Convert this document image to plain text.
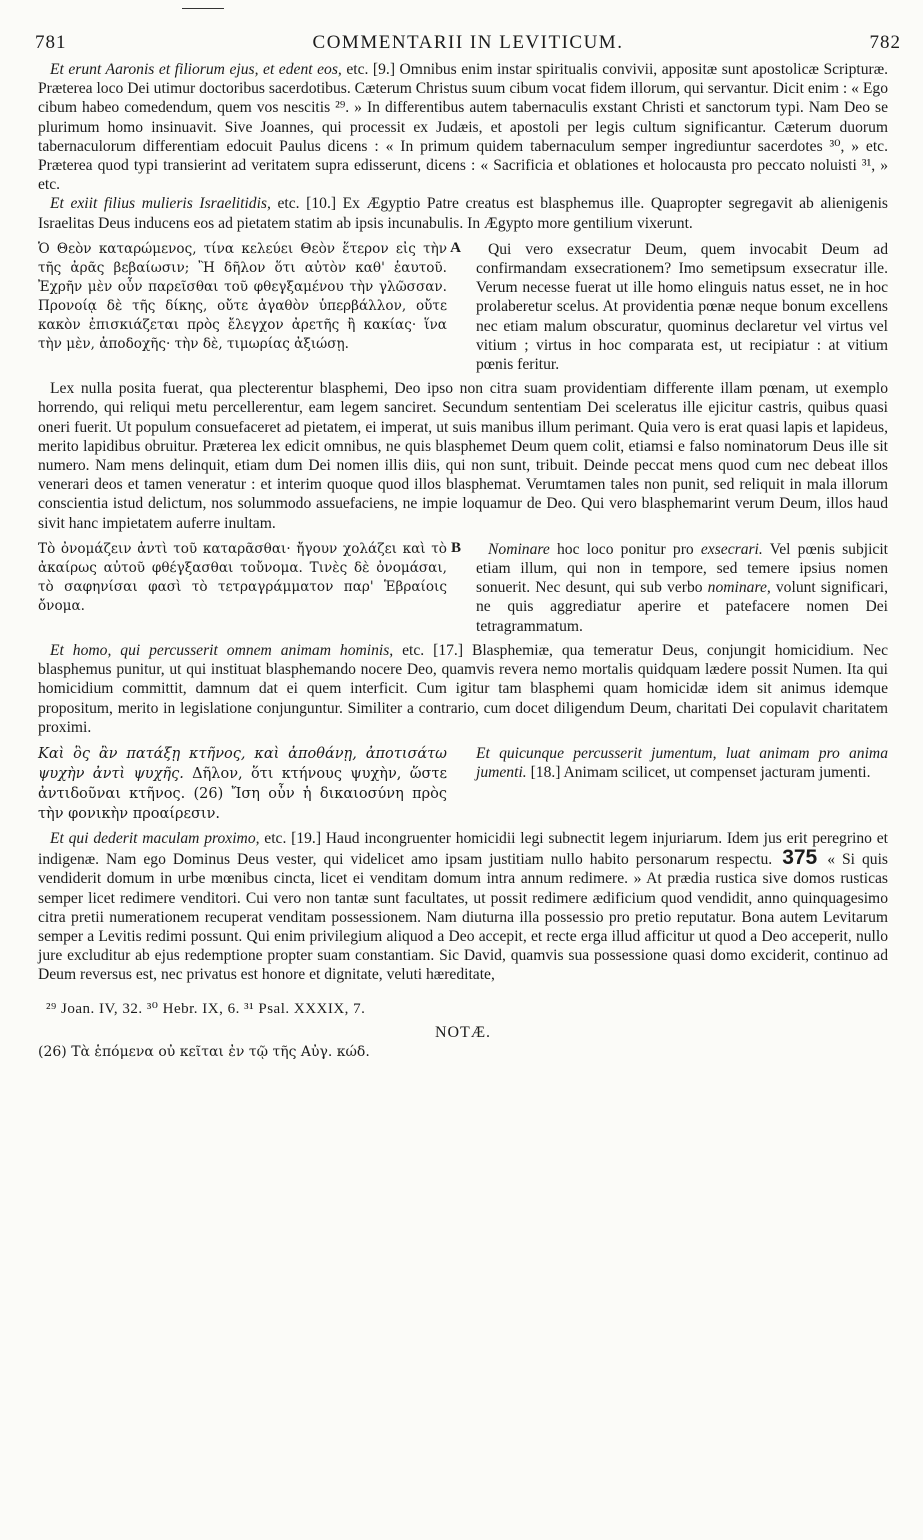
781	COMMENTARII IN LEVITICUM.	782

Et erunt Aaronis et filiorum ejus, et edent eos, etc. [9.] Omnibus enim instar spiritualis convivii, appositæ sunt apostolicæ Scripturæ. Præterea loco Dei utimur doctoribus sacerdotibus. Cæterum Christus suum cibum vocat fidem illorum, qui servantur. Dicit enim : « Ego cibum habeo comedendum, quem vos nescitis ²⁹. » In differentibus autem tabernaculis exstant Christi et sanctorum typi. Nam Deo se plurimum homo insinuavit. Sive Joannes, qui processit ex Judæis, et apostoli per legis cultum significantur. Cæterum duorum tabernaculorum differentiam edocuit Paulus dicens : « In primum quidem tabernaculum semper ingrediuntur sacerdotes ³⁰, » etc. Præterea quod typi transierint ad veritatem supra edisserunt, dicens : « Sacrificia et oblationes et holocausta pro peccato noluisti ³¹, » etc.

Et exiit filius mulieris Israelitidis, etc. [10.] Ex Ægyptio Patre creatus est blasphemus ille. Quapropter segregavit ab alienigenis Israelitas Deus inducens eos ad pietatem statim ab ipsis incunabulis. In Ægypto more gentilium vixerunt.

A

Ὁ Θεὸν καταρώμενος, τίνα κελεύει Θεὸν ἕτερον εἰς τὴν τῆς ἀρᾶς βεβαίωσιν; Ἢ δῆλον ὅτι αὐτὸν καθ' ἑαυτοῦ. Ἐχρῆν μὲν οὖν παρεῖσθαι τοῦ φθεγξαμένου τὴν γλῶσσαν. Προνοίᾳ δὲ τῆς δίκης, οὔτε ἀγαθὸν ὑπερβάλλον, οὔτε κακὸν ἐπισκιάζεται πρὸς ἔλεγχον ἀρετῆς ἢ κακίας· ἵνα τὴν μὲν, ἀποδοχῆς· τὴν δὲ, τιμωρίας ἀξιώσῃ.

Qui vero exsecratur Deum, quem invocabit Deum ad confirmandam exsecrationem? Imo semetipsum exsecratur ille. Verum necesse fuerat ut ille homo elinguis natus esset, ne in hoc prolaberetur scelus. At providentia pœnæ neque bonum excellens nec etiam malum obscuratur, quominus declaretur vel virtus vel vitium ; virtus in hoc comparata est, ut recipiatur : at vitium pœnis feritur.

Lex nulla posita fuerat, qua plecterentur blasphemi, Deo ipso non citra suam providentiam differente illam pœnam, ut exemplo horrendo, qui reliqui metu percellerentur, eam legem sanciret. Secundum sententiam Dei sceleratus ille ejicitur castris, quibus quasi oneri fuerit. Ut populum consuefaceret ad pietatem, ei imperat, ut suis manibus illum perimant. Quia vero is erat quasi lapis et lapideus, merito lapidibus obruitur. Præterea lex edicit omnibus, ne quis blasphemet Deum quem colit, etiamsi e falso nominatorum Deus ille sit numero. Nam mens delinquit, etiam dum Dei nomen illis diis, qui non sunt, tribuit. Deinde peccat mens quod cum nec debeat illos venerari deos et tamen veneratur : et interim quoque quod illos blasphemat. Verumtamen tales non punit, sed reliquit in mala illorum conscientia istud delictum, nos solummodo assuefaciens, ne impie loquamur de Deo. Qui vero blasphemarint verum Deum, illos haud sivit hanc impietatem auferre inultam.

B

Τὸ ὀνομάζειν ἀντὶ τοῦ καταρᾶσθαι· ἤγουν χολάζει καὶ τὸ ἀκαίρως αὐτοῦ φθέγξασθαι τοὔνομα. Τινὲς δὲ ὀνομάσαι, τὸ σαφηνίσαι φασὶ τὸ τετραγράμματον παρ' Ἑβραίοις ὄνομα.

Nominare hoc loco ponitur pro exsecrari. Vel pœnis subjicit etiam illum, qui non in tempore, sed temere ipsius nomen sonuerit. Nec desunt, qui sub verbo nominare, volunt significari, ne quis aggrediatur aperire et patefacere nomen Dei tetragrammatum.

Et homo, qui percusserit omnem animam hominis, etc. [17.] Blasphemiæ, qua temeratur Deus, conjungit homicidium. Nec blasphemus punitur, ut qui instituat blasphemando nocere Deo, quamvis revera nemo mortalis quidquam lædere possit Numen. Ita qui homicidium committit, damnum dat ei quem interficit. Cum igitur tam blasphemi quam homicidæ idem sit animus idemque propositum, merito in legislatione conjunguntur. Similiter a contrario, cum docet diligendum Deum, charitati Dei copulavit charitatem proximi.

Καὶ ὃς ἂν πατάξῃ κτῆνος, καὶ ἀποθάνῃ, ἀποτισάτω ψυχὴν ἀντὶ ψυχῆς. Δῆλον, ὅτι κτήνους ψυχὴν, ὥστε ἀντιδοῦναι κτῆνος. (26) Ἴση οὖν ἡ δικαιοσύνη πρὸς τὴν φονικὴν προαίρεσιν.

Et quicunque percusserit jumentum, luat animam pro anima jumenti. [18.] Animam scilicet, ut compenset jacturam jumenti.

Et qui dederit maculam proximo, etc. [19.] Haud incongruenter homicidii legi subnectit legem injuriarum. Idem jus erit peregrino et indigenæ. Nam ego Dominus Deus vester, qui videlicet amo ipsam justitiam nullo habito personarum respectu. 375 « Si quis vendiderit domum in urbe mœnibus cincta, licet ei venditam domum intra annum redimere. » At prædia rustica sive domos rusticas semper licet redimere venditori. Cui vero non tantæ sunt facultates, ut possit redimere ædificium quod vendidit, anno quinquagesimo citra pretii numerationem recuperat venditam possessionem. Nam diuturna illa possessio pro pretio reputatur. Bona autem Levitarum semper a Levitis redimi possunt. Qui enim privilegium aliquod a Deo accepit, et recte erga illud afficitur ut quod a Deo acceperit, nullo jure excluditur ab ejus redemptione propter suam constantiam. Sic David, quamvis sua possessione quasi domo exciderit, continuo ad Deum reversus est, nec privatus est honore et dignitate, veluti hæreditate,

²⁹ Joan. IV, 32. ³⁰ Hebr. IX, 6. ³¹ Psal. XXXIX, 7.
NOTÆ.
(26) Τὰ ἑπόμενα οὐ κεῖται ἐν τῷ τῆς Αὐγ. κώδ.
